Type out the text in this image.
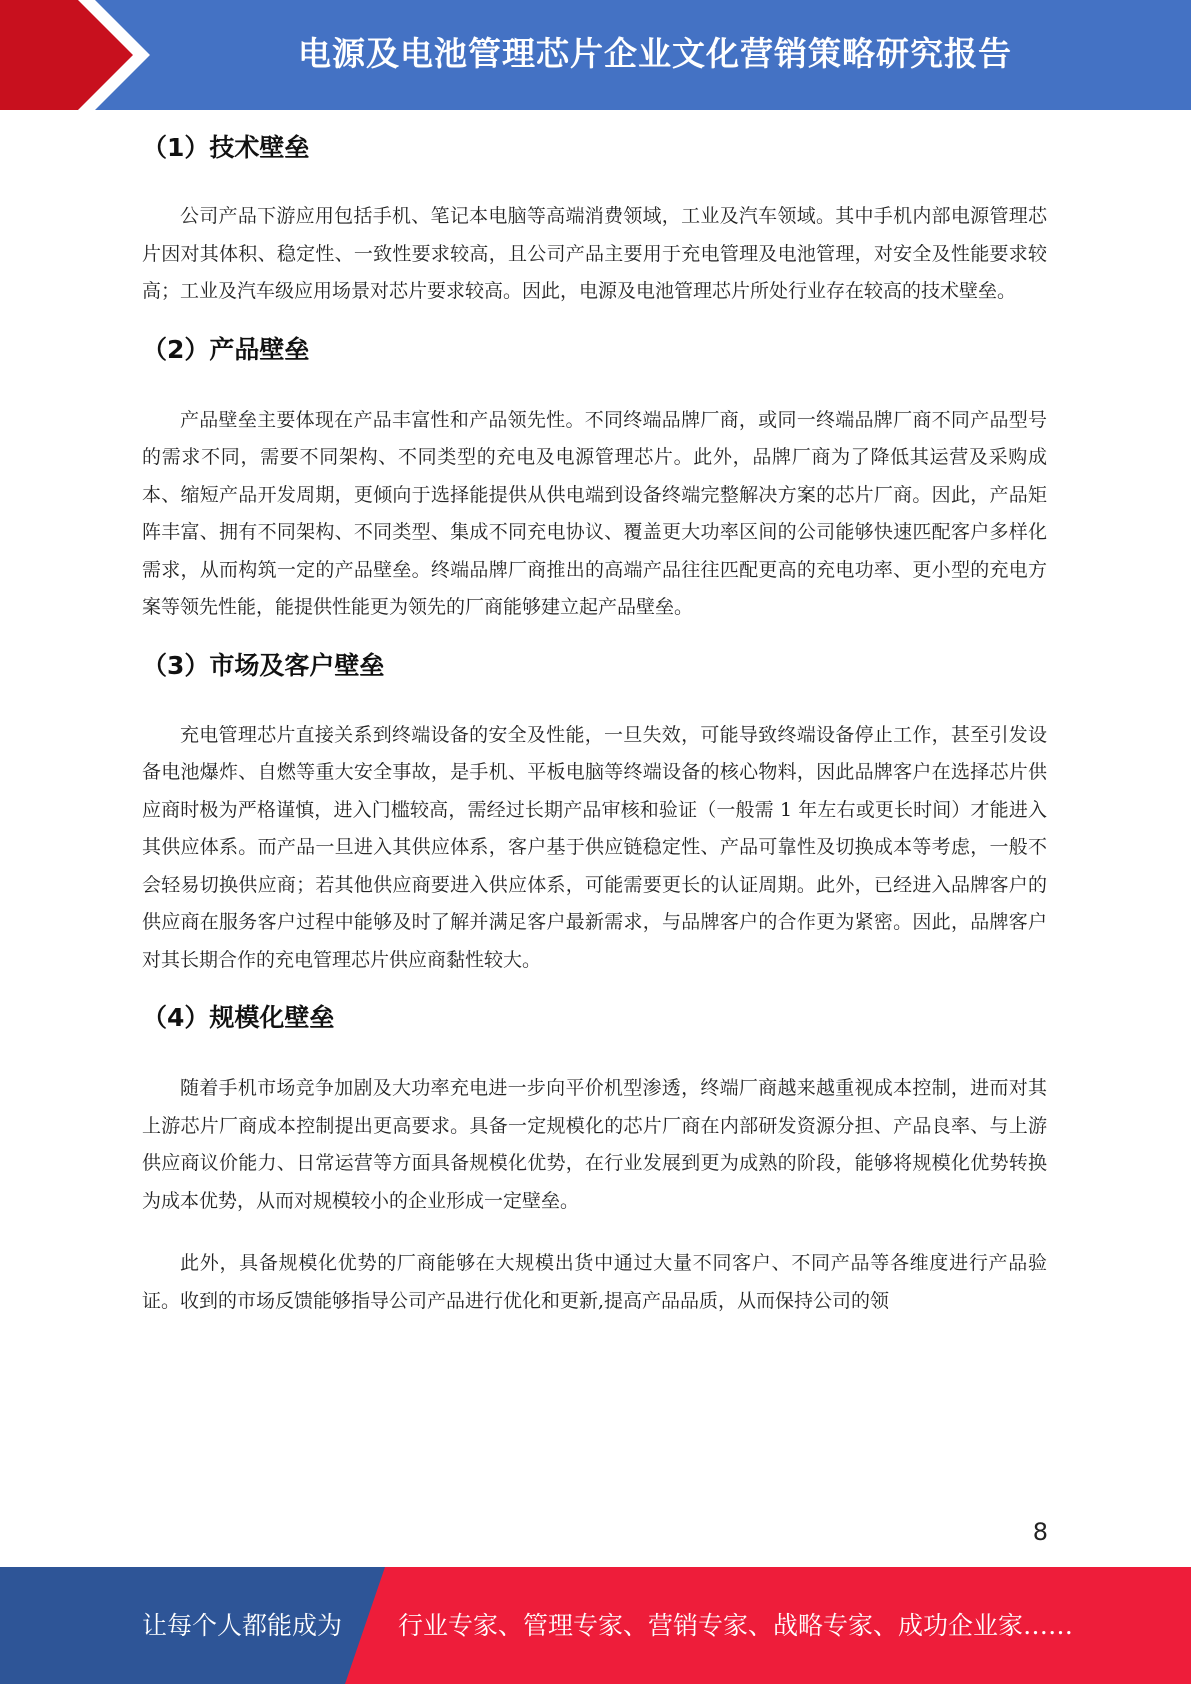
电源及电池管理芯片企业文化营销策略研究报告
（1）技术壁垒

公司产品下游应用包括手机、笔记本电脑等高端消费领域，工业及汽车领域。其中手机内部电源管理芯片因对其体积、稳定性、一致性要求较高，且公司产品主要用于充电管理及电池管理，对安全及性能要求较高；工业及汽车级应用场景对芯片要求较高。因此，电源及电池管理芯片所处行业存在较高的技术壁垒。

（2）产品壁垒

产品壁垒主要体现在产品丰富性和产品领先性。不同终端品牌厂商，或同一终端品牌厂商不同产品型号的需求不同，需要不同架构、不同类型的充电及电源管理芯片。此外，品牌厂商为了降低其运营及采购成本、缩短产品开发周期，更倾向于选择能提供从供电端到设备终端完整解决方案的芯片厂商。因此，产品矩阵丰富、拥有不同架构、不同类型、集成不同充电协议、覆盖更大功率区间的公司能够快速匹配客户多样化需求，从而构筑一定的产品壁垒。终端品牌厂商推出的高端产品往往匹配更高的充电功率、更小型的充电方案等领先性能，能提供性能更为领先的厂商能够建立起产品壁垒。

（3）市场及客户壁垒

充电管理芯片直接关系到终端设备的安全及性能，一旦失效，可能导致终端设备停止工作，甚至引发设备电池爆炸、自燃等重大安全事故，是手机、平板电脑等终端设备的核心物料，因此品牌客户在选择芯片供应商时极为严格谨慎，进入门槛较高，需经过长期产品审核和验证（一般需 1 年左右或更长时间）才能进入其供应体系。而产品一旦进入其供应体系，客户基于供应链稳定性、产品可靠性及切换成本等考虑，一般不会轻易切换供应商；若其他供应商要进入供应体系，可能需要更长的认证周期。此外，已经进入品牌客户的供应商在服务客户过程中能够及时了解并满足客户最新需求，与品牌客户的合作更为紧密。因此，品牌客户对其长期合作的充电管理芯片供应商黏性较大。

（4）规模化壁垒

随着手机市场竞争加剧及大功率充电进一步向平价机型渗透，终端厂商越来越重视成本控制，进而对其上游芯片厂商成本控制提出更高要求。具备一定规模化的芯片厂商在内部研发资源分担、产品良率、与上游供应商议价能力、日常运营等方面具备规模化优势，在行业发展到更为成熟的阶段，能够将规模化优势转换为成本优势，从而对规模较小的企业形成一定壁垒。

此外，具备规模化优势的厂商能够在大规模出货中通过大量不同客户、不同产品等各维度进行产品验证。收到的市场反馈能够指导公司产品进行优化和更新,提高产品品质，从而保持公司的领

8
让每个人都能成为 行业专家、管理专家、营销专家、战略专家、成功企业家……
